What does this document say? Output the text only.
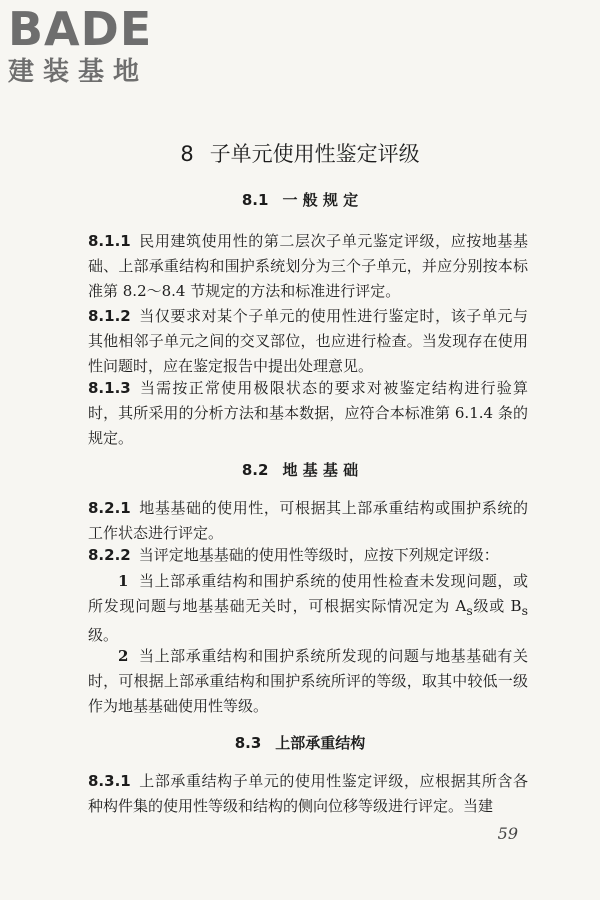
BADE
建装基地
8 子单元使用性鉴定评级
8.1 一 般 规 定
8.1.1 民用建筑使用性的第二层次子单元鉴定评级，应按地基基础、上部承重结构和围护系统划分为三个子单元，并应分别按本标准第 8.2～8.4 节规定的方法和标准进行评定。
8.1.2 当仅要求对某个子单元的使用性进行鉴定时，该子单元与其他相邻子单元之间的交叉部位，也应进行检查。当发现存在使用性问题时，应在鉴定报告中提出处理意见。
8.1.3 当需按正常使用极限状态的要求对被鉴定结构进行验算时，其所采用的分析方法和基本数据，应符合本标准第 6.1.4 条的规定。
8.2 地 基 基 础
8.2.1 地基基础的使用性，可根据其上部承重结构或围护系统的工作状态进行评定。
8.2.2 当评定地基基础的使用性等级时，应按下列规定评级：
1 当上部承重结构和围护系统的使用性检查未发现问题，或所发现问题与地基基础无关时，可根据实际情况定为 $A_s$级或 $B_s$级。
2 当上部承重结构和围护系统所发现的问题与地基基础有关时，可根据上部承重结构和围护系统所评的等级，取其中较低一级作为地基基础使用性等级。
8.3 上部承重结构
8.3.1 上部承重结构子单元的使用性鉴定评级，应根据其所含各种构件集的使用性等级和结构的侧向位移等级进行评定。当建
59
